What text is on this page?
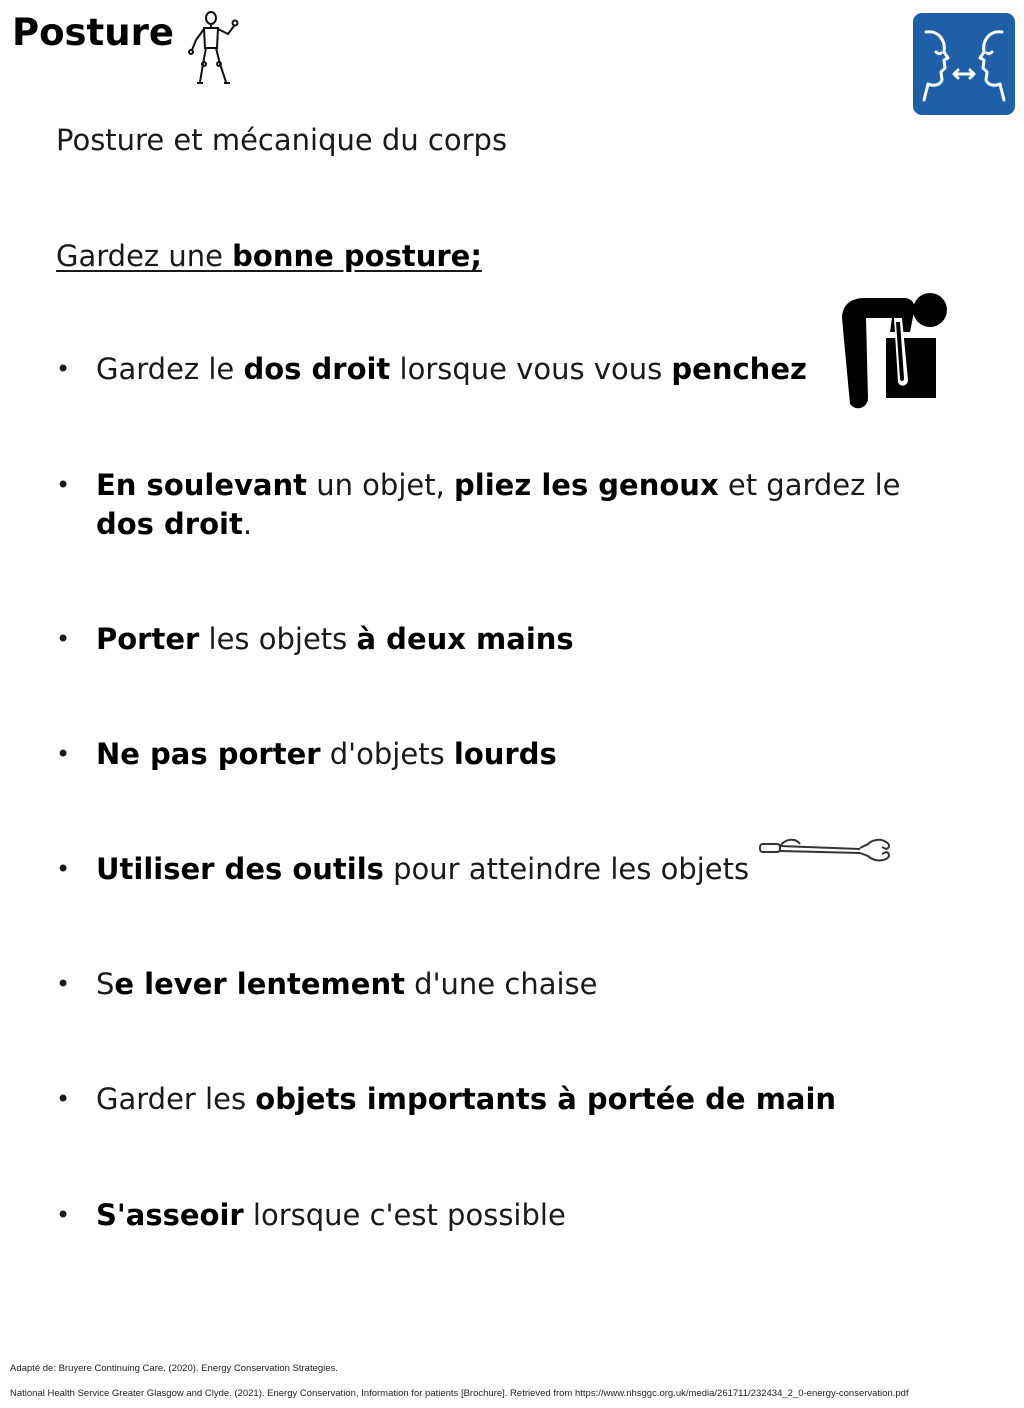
Posture

Posture et mécanique du corps

Gardez une bonne posture;

• Gardez le dos droit lorsque vous vous penchez
• En soulevant un objet, pliez les genoux et gardez le dos droit.
• Porter les objets à deux mains
• Ne pas porter d'objets lourds
• Utiliser des outils pour atteindre les objets
• Se lever lentement d'une chaise
• Garder les objets importants à portée de main
• S'asseoir lorsque c'est possible

Adapté de: Bruyere Continuing Care. (2020). Energy Conservation Strategies.

National Health Service Greater Glasgow and Clyde. (2021). Energy Conservation, Information for patients [Brochure]. Retrieved from https://www.nhsggc.org.uk/media/261711/232434_2_0-energy-conservation.pdf
